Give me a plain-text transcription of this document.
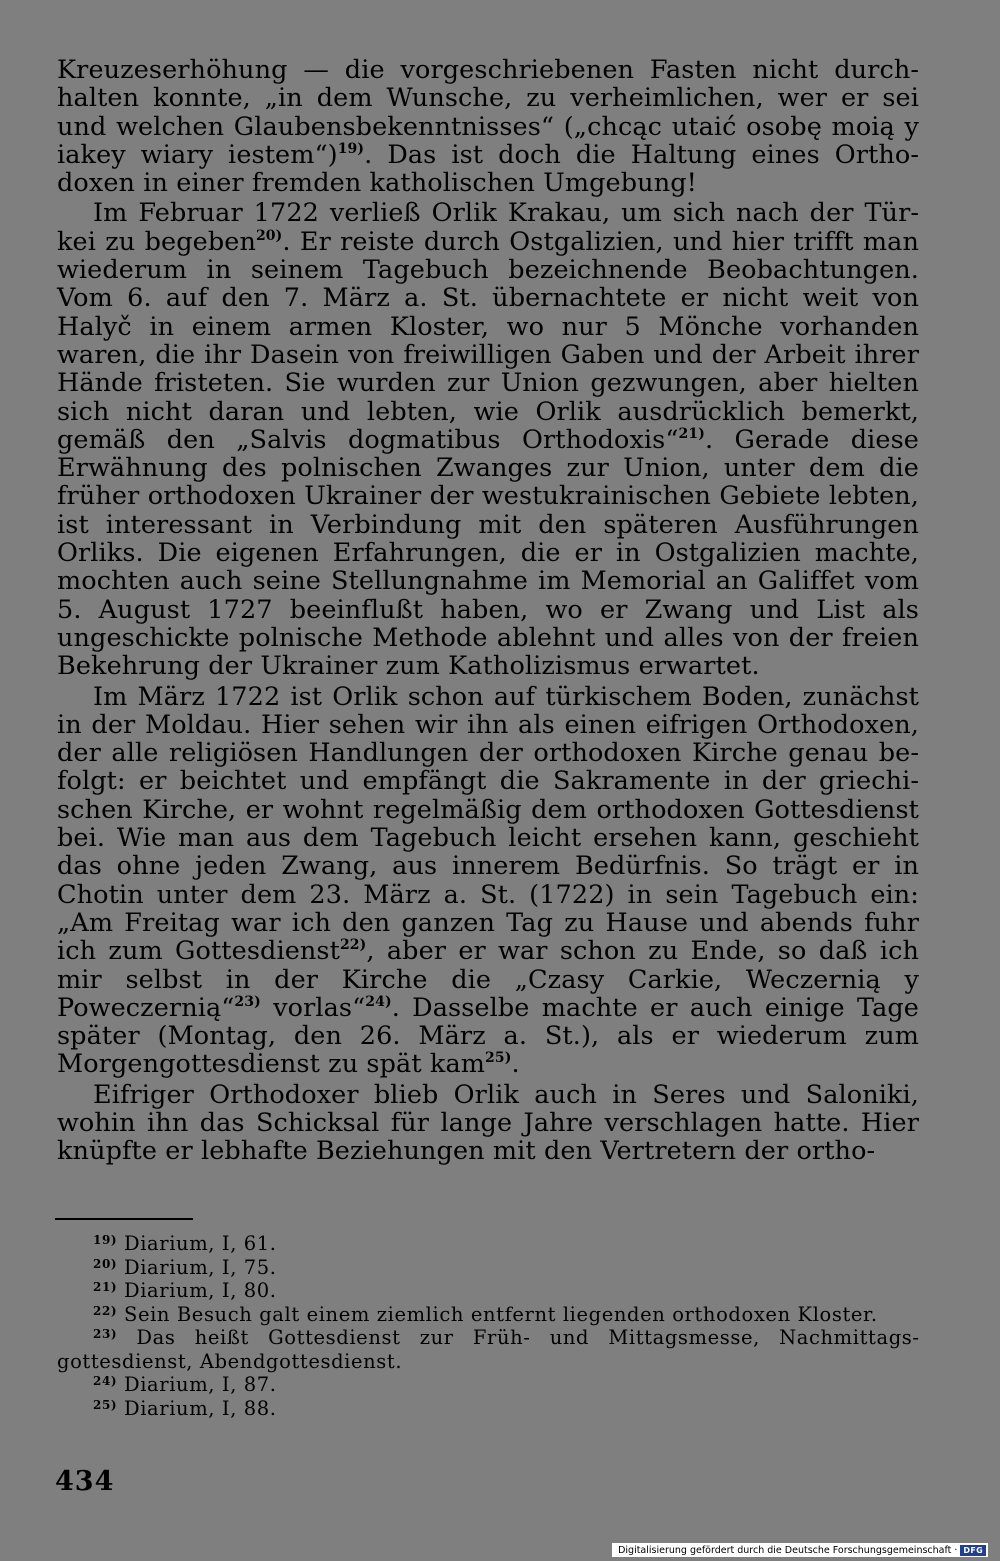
Kreuzeserhöhung — die vorgeschriebenen Fasten nicht durchhalten konnte, „in dem Wunsche, zu verheimlichen, wer er sei und welchen Glaubensbekenntnisses“ („chcąc utaić osobę moią y iakey wiary iestem“)$^{19)}$. Das ist doch die Haltung eines Orthodoxen in einer fremden katholischen Umgebung!

Im Februar 1722 verließ Orlik Krakau, um sich nach der Türkei zu begeben$^{20)}$. Er reiste durch Ostgalizien, und hier trifft man wiederum in seinem Tagebuch bezeichnende Beobachtungen. Vom 6. auf den 7. März a. St. übernachtete er nicht weit von Halyč in einem armen Kloster, wo nur 5 Mönche vorhanden waren, die ihr Dasein von freiwilligen Gaben und der Arbeit ihrer Hände fristeten. Sie wurden zur Union gezwungen, aber hielten sich nicht daran und lebten, wie Orlik ausdrücklich bemerkt, gemäß den „Salvis dogmatibus Orthodoxis“$^{21)}$. Gerade diese Erwähnung des polnischen Zwanges zur Union, unter dem die früher orthodoxen Ukrainer der westukrainischen Gebiete lebten, ist interessant in Verbindung mit den späteren Ausführungen Orliks. Die eigenen Erfahrungen, die er in Ostgalizien machte, mochten auch seine Stellungnahme im Memorial an Galiffet vom 5. August 1727 beeinflußt haben, wo er Zwang und List als ungeschickte polnische Methode ablehnt und alles von der freien Bekehrung der Ukrainer zum Katholizismus erwartet.

Im März 1722 ist Orlik schon auf türkischem Boden, zunächst in der Moldau. Hier sehen wir ihn als einen eifrigen Orthodoxen, der alle religiösen Handlungen der orthodoxen Kirche genau befolgt: er beichtet und empfängt die Sakramente in der griechischen Kirche, er wohnt regelmäßig dem orthodoxen Gottesdienst bei. Wie man aus dem Tagebuch leicht ersehen kann, geschieht das ohne jeden Zwang, aus innerem Bedürfnis. So trägt er in Chotin unter dem 23. März a. St. (1722) in sein Tagebuch ein: „Am Freitag war ich den ganzen Tag zu Hause und abends fuhr ich zum Gottesdienst$^{22)}$, aber er war schon zu Ende, so daß ich mir selbst in der Kirche die „Czasy Carkie, Weczernią y Poweczernią“$^{23)}$ vorlas“$^{24)}$. Dasselbe machte er auch einige Tage später (Montag, den 26. März a. St.), als er wiederum zum Morgengottesdienst zu spät kam$^{25)}$.

Eifriger Orthodoxer blieb Orlik auch in Seres und Saloniki, wohin ihn das Schicksal für lange Jahre verschlagen hatte. Hier knüpfte er lebhafte Beziehungen mit den Vertretern der ortho-

$^{19)}$ Diarium, I, 61.

$^{20)}$ Diarium, I, 75.

$^{21)}$ Diarium, I, 80.

$^{22)}$ Sein Besuch galt einem ziemlich entfernt liegenden orthodoxen Kloster.

$^{23)}$ Das heißt Gottesdienst zur Früh- und Mittagsmesse, Nachmittagsgottesdienst, Abendgottesdienst.

$^{24)}$ Diarium, I, 87.

$^{25)}$ Diarium, I, 88.

434
Digitalisierung gefördert durch die Deutsche Forschungsgemeinschaft · DFG
